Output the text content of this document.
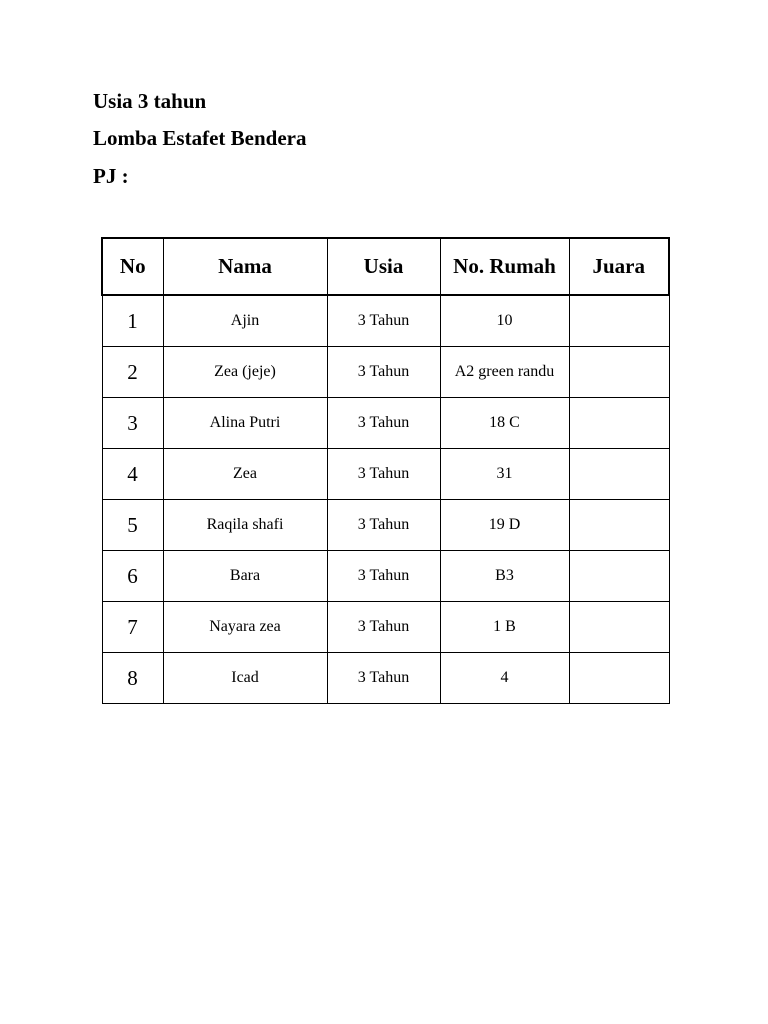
Usia 3 tahun
Lomba Estafet Bendera
PJ :
No	Nama	Usia	No. Rumah	Juara
1	Ajin	3 Tahun	10	
2	Zea (jeje)	3 Tahun	A2 green randu	
3	Alina Putri	3 Tahun	18 C	
4	Zea	3 Tahun	31	
5	Raqila shafi	3 Tahun	19 D	
6	Bara	3 Tahun	B3	
7	Nayara zea	3 Tahun	1 B	
8	Icad	3 Tahun	4	
